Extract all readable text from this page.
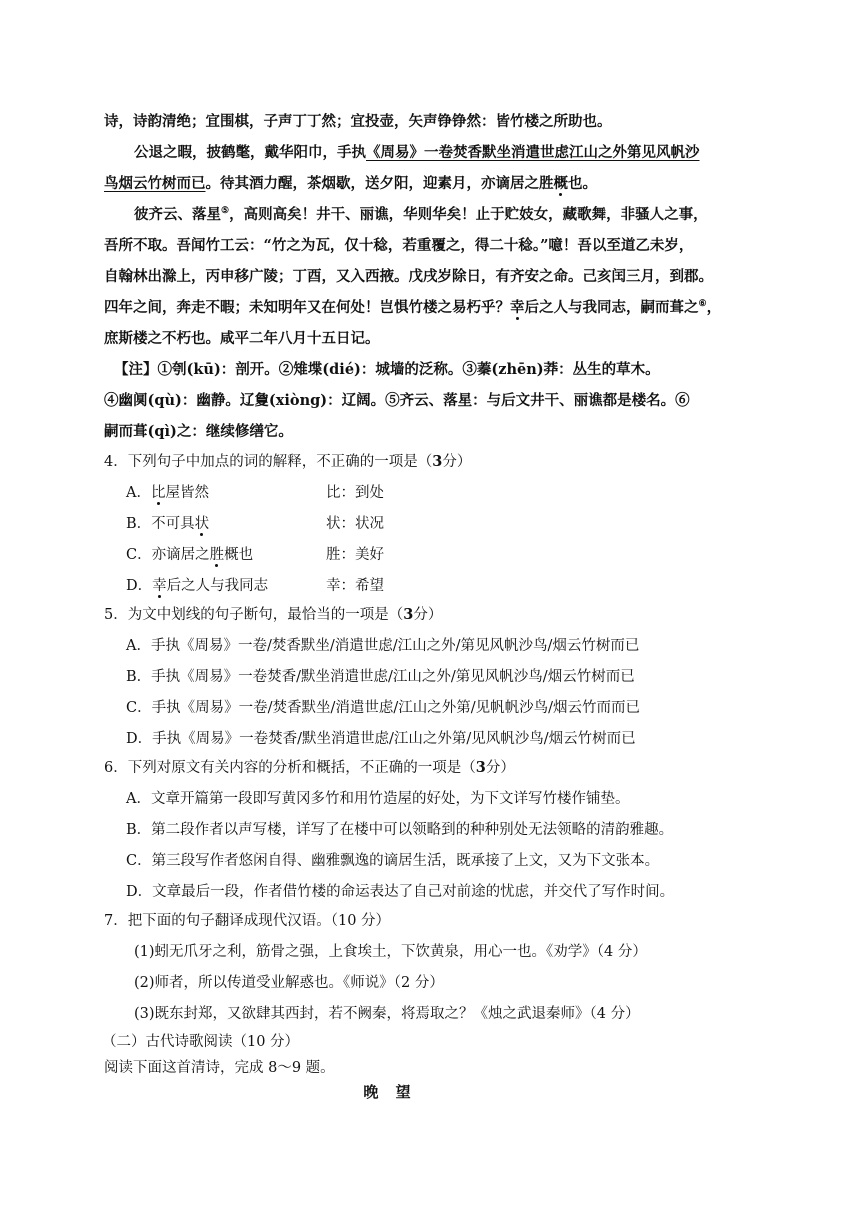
诗，诗韵清绝；宜围棋，子声丁丁然；宜投壶，矢声铮铮然：皆竹楼之所助也。
公退之暇，披鹤氅，戴华阳巾，手执《周易》一卷焚香默坐消遣世虑江山之外第见风帆沙
鸟烟云竹树而已。待其酒力醒，茶烟歇，送夕阳，迎素月，亦谪居之胜概也。
彼齐云、落星⑤，高则高矣！井干、丽谯，华则华矣！止于贮妓女，藏歌舞，非骚人之事，
吾所不取。吾闻竹工云：“竹之为瓦，仅十稔，若重覆之，得二十稔。”噫！吾以至道乙未岁，
自翰林出滁上，丙申移广陵；丁酉，又入西掖。戊戌岁除日，有齐安之命。己亥闰三月，到郡。
四年之间，奔走不暇；未知明年又在何处！岂惧竹楼之易朽乎？幸后之人与我同志，嗣而葺之⑥，
庶斯楼之不朽也。咸平二年八月十五日记。
【注】①刳(kū)：剖开。②雉堞(dié)：城墙的泛称。③蓁(zhēn)莽：丛生的草木。
④幽阒(qù)：幽静。辽敻(xiòng)：辽阔。⑤齐云、落星：与后文井干、丽谯都是楼名。⑥
嗣而葺(qì)之：继续修缮它。
4．下列句子中加点的词的解释，不正确的一项是（3分）
A．比屋皆然	比：到处
B．不可具状	状：状况
C．亦谪居之胜概也	胜：美好
D．幸后之人与我同志	幸：希望
5．为文中划线的句子断句，最恰当的一项是（3分）
A．手执《周易》一卷/焚香默坐/消遣世虑/江山之外/第见风帆沙鸟/烟云竹树而已
B．手执《周易》一卷焚香/默坐消遣世虑/江山之外/第见风帆沙鸟/烟云竹树而已
C．手执《周易》一卷/焚香默坐/消遣世虑/江山之外第/见帆帆沙鸟/烟云竹而而已
D．手执《周易》一卷焚香/默坐消遣世虑/江山之外第/见风帆沙鸟/烟云竹树而已
6．下列对原文有关内容的分析和概括，不正确的一项是（3分）
A．文章开篇第一段即写黄冈多竹和用竹造屋的好处，为下文详写竹楼作铺垫。
B．第二段作者以声写楼，详写了在楼中可以领略到的种种别处无法领略的清韵雅趣。
C．第三段写作者悠闲自得、幽雅飘逸的谪居生活，既承接了上文，又为下文张本。
D．文章最后一段，作者借竹楼的命运表达了自己对前途的忧虑，并交代了写作时间。
7．把下面的句子翻译成现代汉语。（10 分）
(1)蚓无爪牙之利，筋骨之强，上食埃土，下饮黄泉，用心一也。《劝学》（4 分）
(2)师者，所以传道受业解惑也。《师说》（2 分）
(3)既东封郑，又欲肆其西封，若不阙秦，将焉取之？《烛之武退秦师》（4 分）
（二）古代诗歌阅读（10 分）
阅读下面这首清诗，完成 8～9 题。
晚 望
